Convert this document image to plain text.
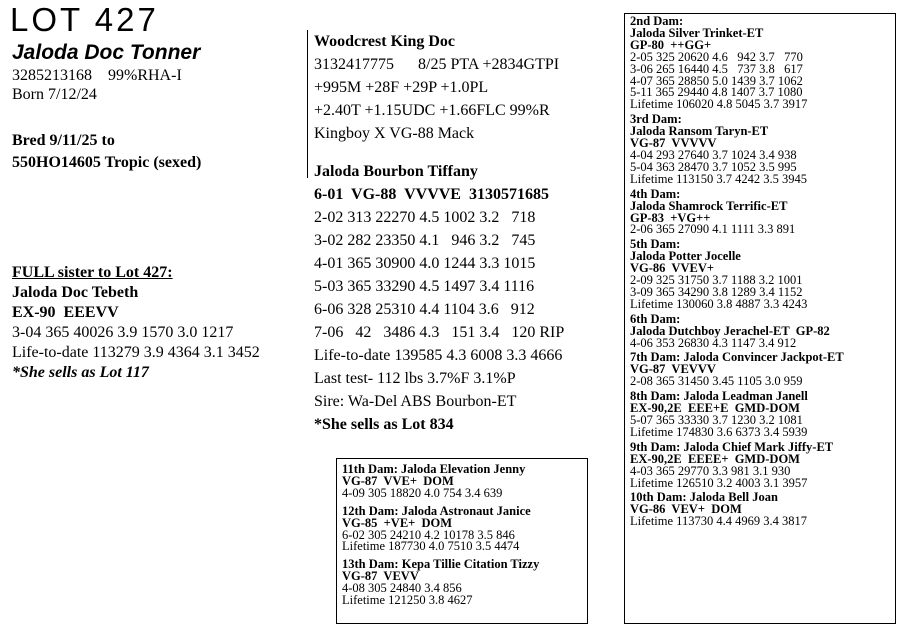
LOT 427
Jaloda Doc Tonner
3285213168    99%RHA-I
Born 7/12/24
Bred 9/11/25 to
550HO14605 Tropic (sexed)
FULL sister to Lot 427:
Jaloda Doc Tebeth
EX-90  EEEVV
3-04 365 40026 3.9 1570 3.0 1217
Life-to-date 113279 3.9 4364 3.1 3452
*She sells as Lot 117
Woodcrest King Doc
3132417775      8/25 PTA +2834GTPI
+995M +28F +29P +1.0PL
+2.40T +1.15UDC +1.66FLC 99%R
Kingboy X VG-88 Mack
Jaloda Bourbon Tiffany
6-01  VG-88  VVVVE  3130571685
2-02 313 22270 4.5 1002 3.2   718
3-02 282 23350 4.1   946 3.2   745
4-01 365 30900 4.0 1244 3.3 1015
5-03 365 33290 4.5 1497 3.4 1116
6-06 328 25310 4.4 1104 3.6   912
7-06   42   3486 4.3   151 3.4   120 RIP
Life-to-date 139585 4.3 6008 3.3 4666
Last test- 112 lbs 3.7%F 3.1%P
Sire: Wa-Del ABS Bourbon-ET
*She sells as Lot 834
2nd Dam:
Jaloda Silver Trinket-ET
GP-80  ++GG+
2-05 325 20620 4.6   942 3.7   770
3-06 265 16440 4.5   737 3.8   617
4-07 365 28850 5.0 1439 3.7 1062
5-11 365 29440 4.8 1407 3.7 1080
Lifetime 106020 4.8 5045 3.7 3917
3rd Dam:
Jaloda Ransom Taryn-ET
VG-87  VVVVV
4-04 293 27640 3.7 1024 3.4 938
5-04 363 28470 3.7 1052 3.5 995
Lifetime 113150 3.7 4242 3.5 3945
4th Dam:
Jaloda Shamrock Terrific-ET
GP-83  +VG++
2-06 365 27090 4.1 1111 3.3 891
5th Dam:
Jaloda Potter Jocelle
VG-86  VVEV+
2-09 325 31750 3.7 1188 3.2 1001
3-09 365 34290 3.8 1289 3.4 1152
Lifetime 130060 3.8 4887 3.3 4243
6th Dam:
Jaloda Dutchboy Jerachel-ET  GP-82
4-06 353 26830 4.3 1147 3.4 912
7th Dam: Jaloda Convincer Jackpot-ET
VG-87  VEVVV
2-08 365 31450 3.45 1105 3.0 959
8th Dam: Jaloda Leadman Janell
EX-90,2E  EEE+E  GMD-DOM
5-07 365 33330 3.7 1230 3.2 1081
Lifetime 174830 3.6 6373 3.4 5939
9th Dam: Jaloda Chief Mark Jiffy-ET
EX-90,2E  EEEE+  GMD-DOM
4-03 365 29770 3.3 981 3.1 930
Lifetime 126510 3.2 4003 3.1 3957
10th Dam: Jaloda Bell Joan
VG-86  VEV+  DOM
Lifetime 113730 4.4 4969 3.4 3817
11th Dam: Jaloda Elevation Jenny
VG-87  VVE+  DOM
4-09 305 18820 4.0 754 3.4 639
12th Dam: Jaloda Astronaut Janice
VG-85  +VE+  DOM
6-02 305 24210 4.2 10178 3.5 846
Lifetime 187730 4.0 7510 3.5 4474
13th Dam: Kepa Tillie Citation Tizzy
VG-87  VEVV
4-08 305 24840 3.4 856
Lifetime 121250 3.8 4627
